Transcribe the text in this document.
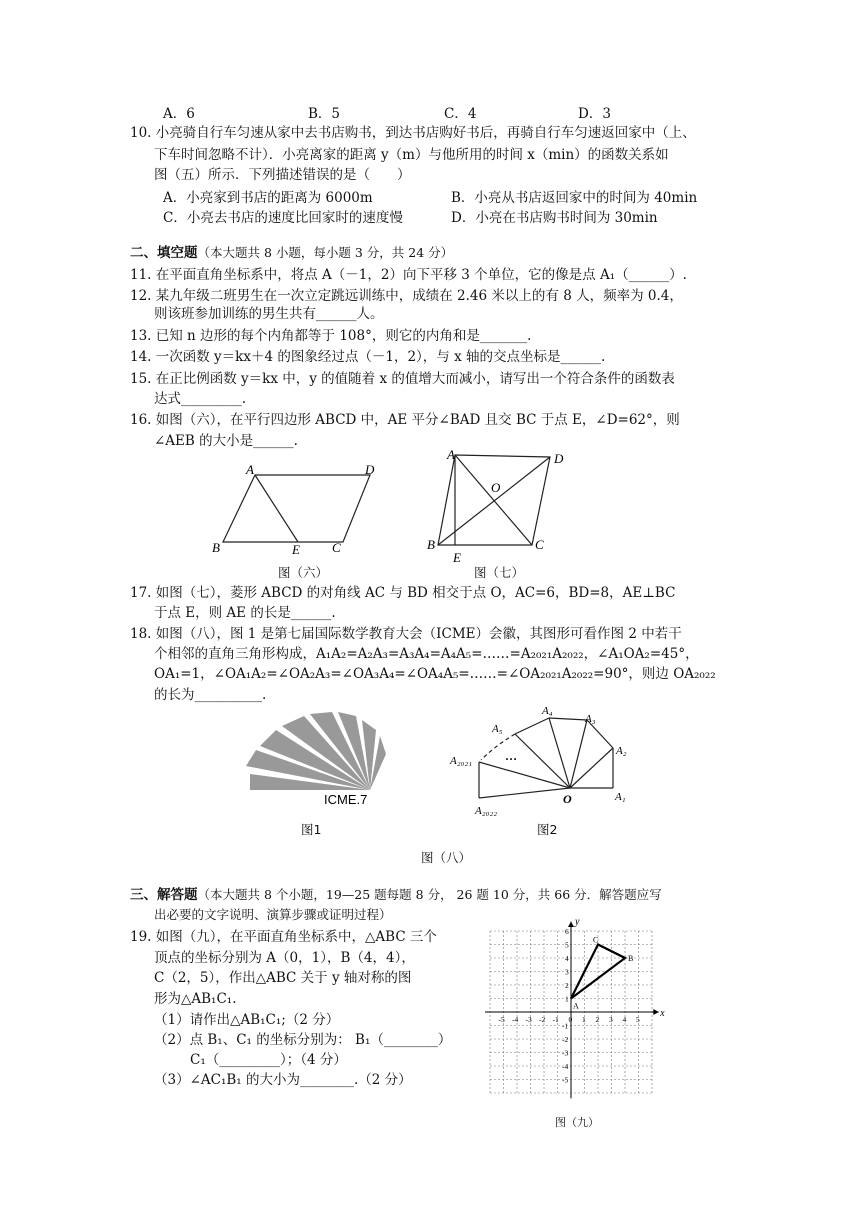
A．6	B．5	C．4	D．3
10. 小亮骑自行车匀速从家中去书店购书，到达书店购好书后，再骑自行车匀速返回家中（上、
下车时间忽略不计）．小亮离家的距离 y（m）与他所用的时间 x（min）的函数关系如
图（五）所示．下列描述错误的是（　　）
A．小亮家到书店的距离为 6000m	B．小亮从书店返回家中的时间为 40min
C．小亮去书店的速度比回家时的速度慢	D．小亮在书店购书时间为 30min
二、填空题（本大题共 8 小题，每小题 3 分，共 24 分）
11. 在平面直角坐标系中，将点 A（－1，2）向下平移 3 个单位，它的像是点 A₁（______）.
12. 某九年级二班男生在一次立定跳远训练中，成绩在 2.46 米以上的有 8 人，频率为 0.4，
则该班参加训练的男生共有______人。
13. 已知 n 边形的每个内角都等于 108°，则它的内角和是_______.
14. 一次函数 y＝kx＋4 的图象经过点（－1，2），与 x 轴的交点坐标是______.
15. 在正比例函数 y＝kx 中，y 的值随着 x 的值增大而减小，请写出一个符合条件的函数表
达式_________.
16. 如图（六），在平行四边形 ABCD 中，AE 平分∠BAD 且交 BC 于点 E，∠D=62°，则
∠AEB 的大小是______.
A	D
B	E C
图（六）
A	D
O
B
E
C
图（七）
17. 如图（七），菱形 ABCD 的对角线 AC 与 BD 相交于点 O，AC=6，BD=8，AE⊥BC
于点 E，则 AE 的长是______.
18. 如图（八），图 1 是第七届国际数学教育大会（ICME）会徽，其图形可看作图 2 中若干
个相邻的直角三角形构成，A₁A₂=A₂A₃=A₃A₄=A₄A₅=……=A₂₀₂₁A₂₀₂₂，∠A₁OA₂=45°，
OA₁=1，∠OA₁A₂=∠OA₂A₃=∠OA₃A₄=∠OA₄A₅=……=∠OA₂₀₂₁A₂₀₂₂=90°，则边 OA₂₀₂₂
的长为__________.
ICME.7
图1
A₄
A₃
A₅
A₂
A₂₀₂₁	…
O	A₁
A₂₀₂₂
图2
图（八）
三、解答题（本大题共 8 个小题，19—25 题每题 8 分， 26 题 10 分，共 66 分．解答题应写
出必要的文字说明、演算步骤或证明过程）
19. 如图（九），在平面直角坐标系中，△ABC 三个
顶点的坐标分别为 A（0，1），B（4，4），
C（2，5），作出△ABC 关于 y 轴对称的图
形为△AB₁C₁.
（1）请作出△AB₁C₁;（2 分）
（2）点 B₁、C₁ 的坐标分别为： B₁（________）
C₁（_________）；（4 分）
（3）∠AC₁B₁ 的大小为________.（2 分）
x
y
-5
-5
-4
-4
-3
-3
-2
-2
-1
-1
0 1
1
2
2
3
3
4
4
5
5
6
A
B
C
图（九）
